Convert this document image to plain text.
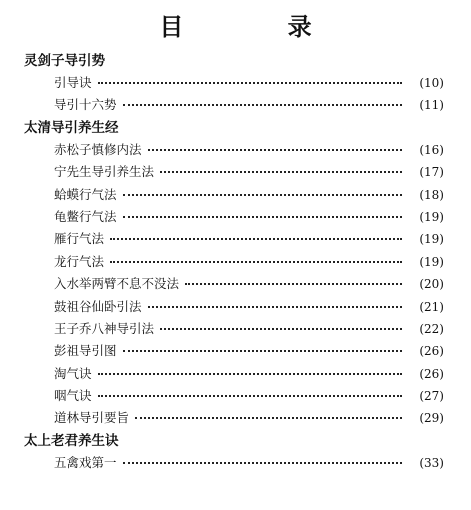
目 录
灵剑子导引势
引导诀	(10)
导引十六势	(11)
太清导引养生经
赤松子慎修内法	(16)
宁先生导引养生法	(17)
蛤蟆行气法	(18)
龟鳖行气法	(19)
雁行气法	(19)
龙行气法	(19)
入水举两臂不息不没法	(20)
鼓祖谷仙卧引法	(21)
王子乔八神导引法	(22)
彭祖导引图	(26)
淘气诀	(26)
咽气诀	(27)
道林导引要旨	(29)
太上老君养生诀
五禽戏第一	(33)
